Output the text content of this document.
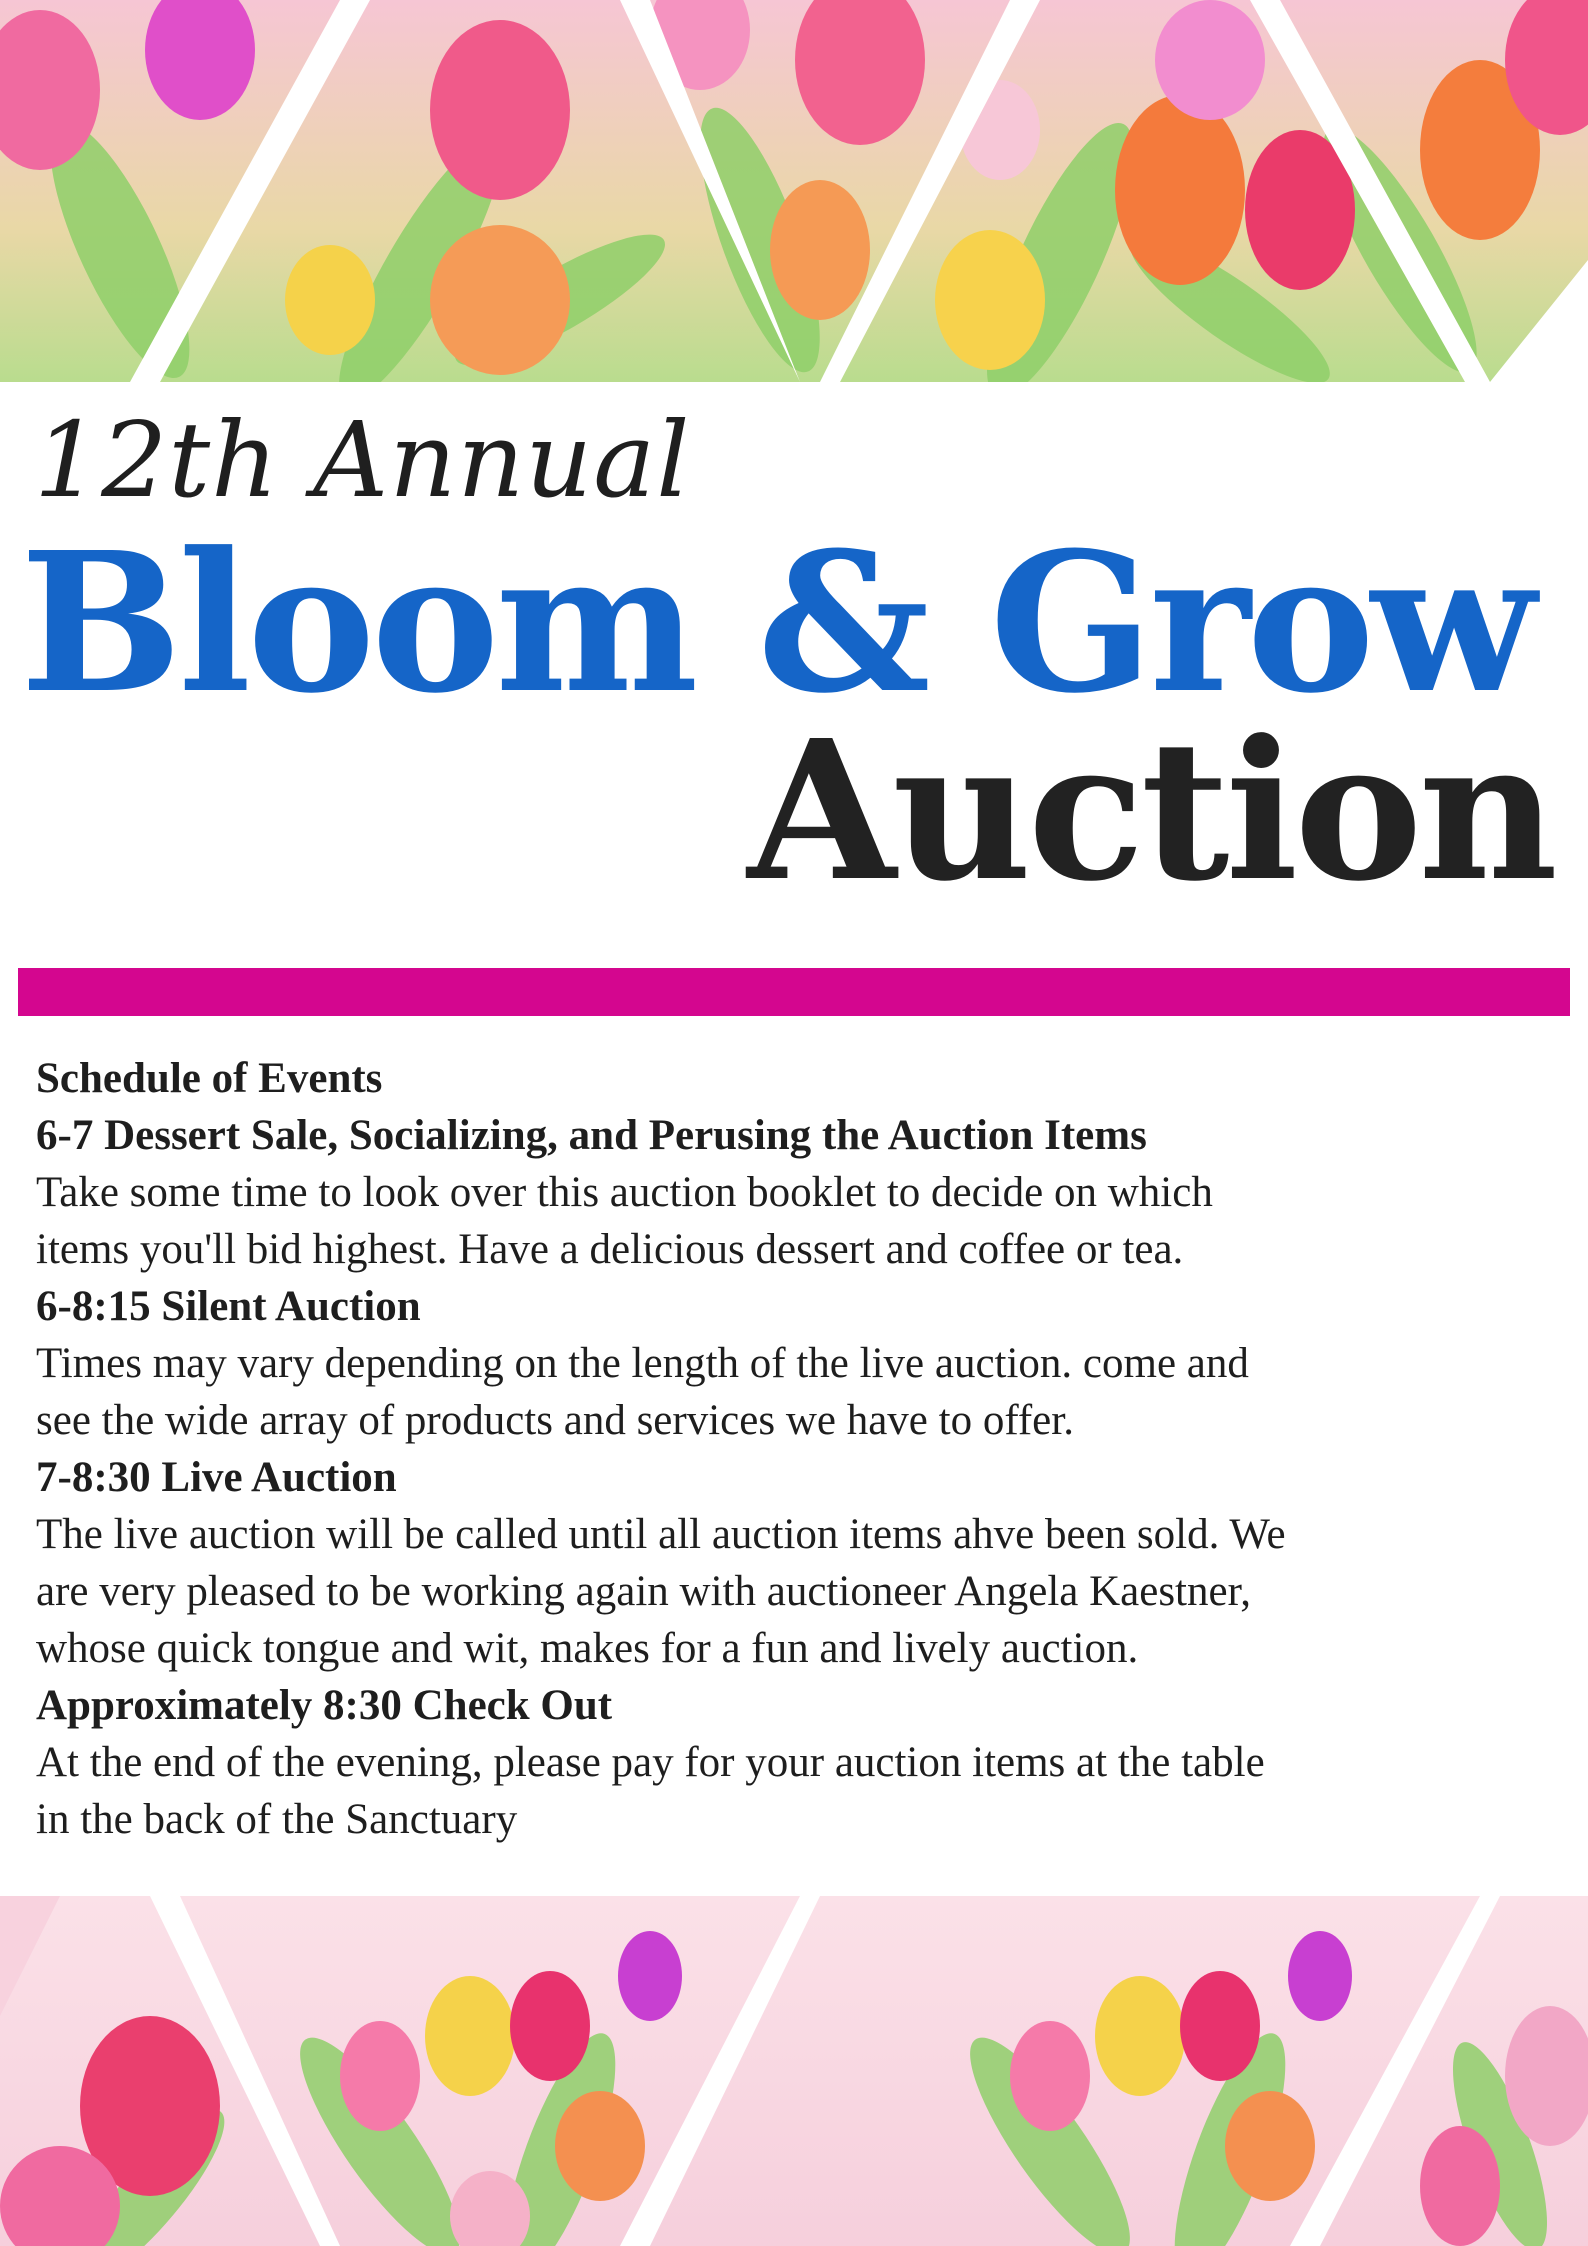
12th Annual
Bloom & Grow
Auction
Schedule of Events
6-7 Dessert Sale, Socializing, and Perusing the Auction Items
Take some time to look over this auction booklet to decide on which
items you'll bid highest. Have a delicious dessert and coffee or tea.
6-8:15 Silent Auction
Times may vary depending on the length of the live auction. come and
see the wide array of products and services we have to offer.
7-8:30 Live Auction
The live auction will be called until all auction items ahve been sold. We
are very pleased to be working again with auctioneer Angela Kaestner,
whose quick tongue and wit, makes for a fun and lively auction.
Approximately 8:30 Check Out
At the end of the evening, please pay for your auction items at the table
in the back of the Sanctuary
